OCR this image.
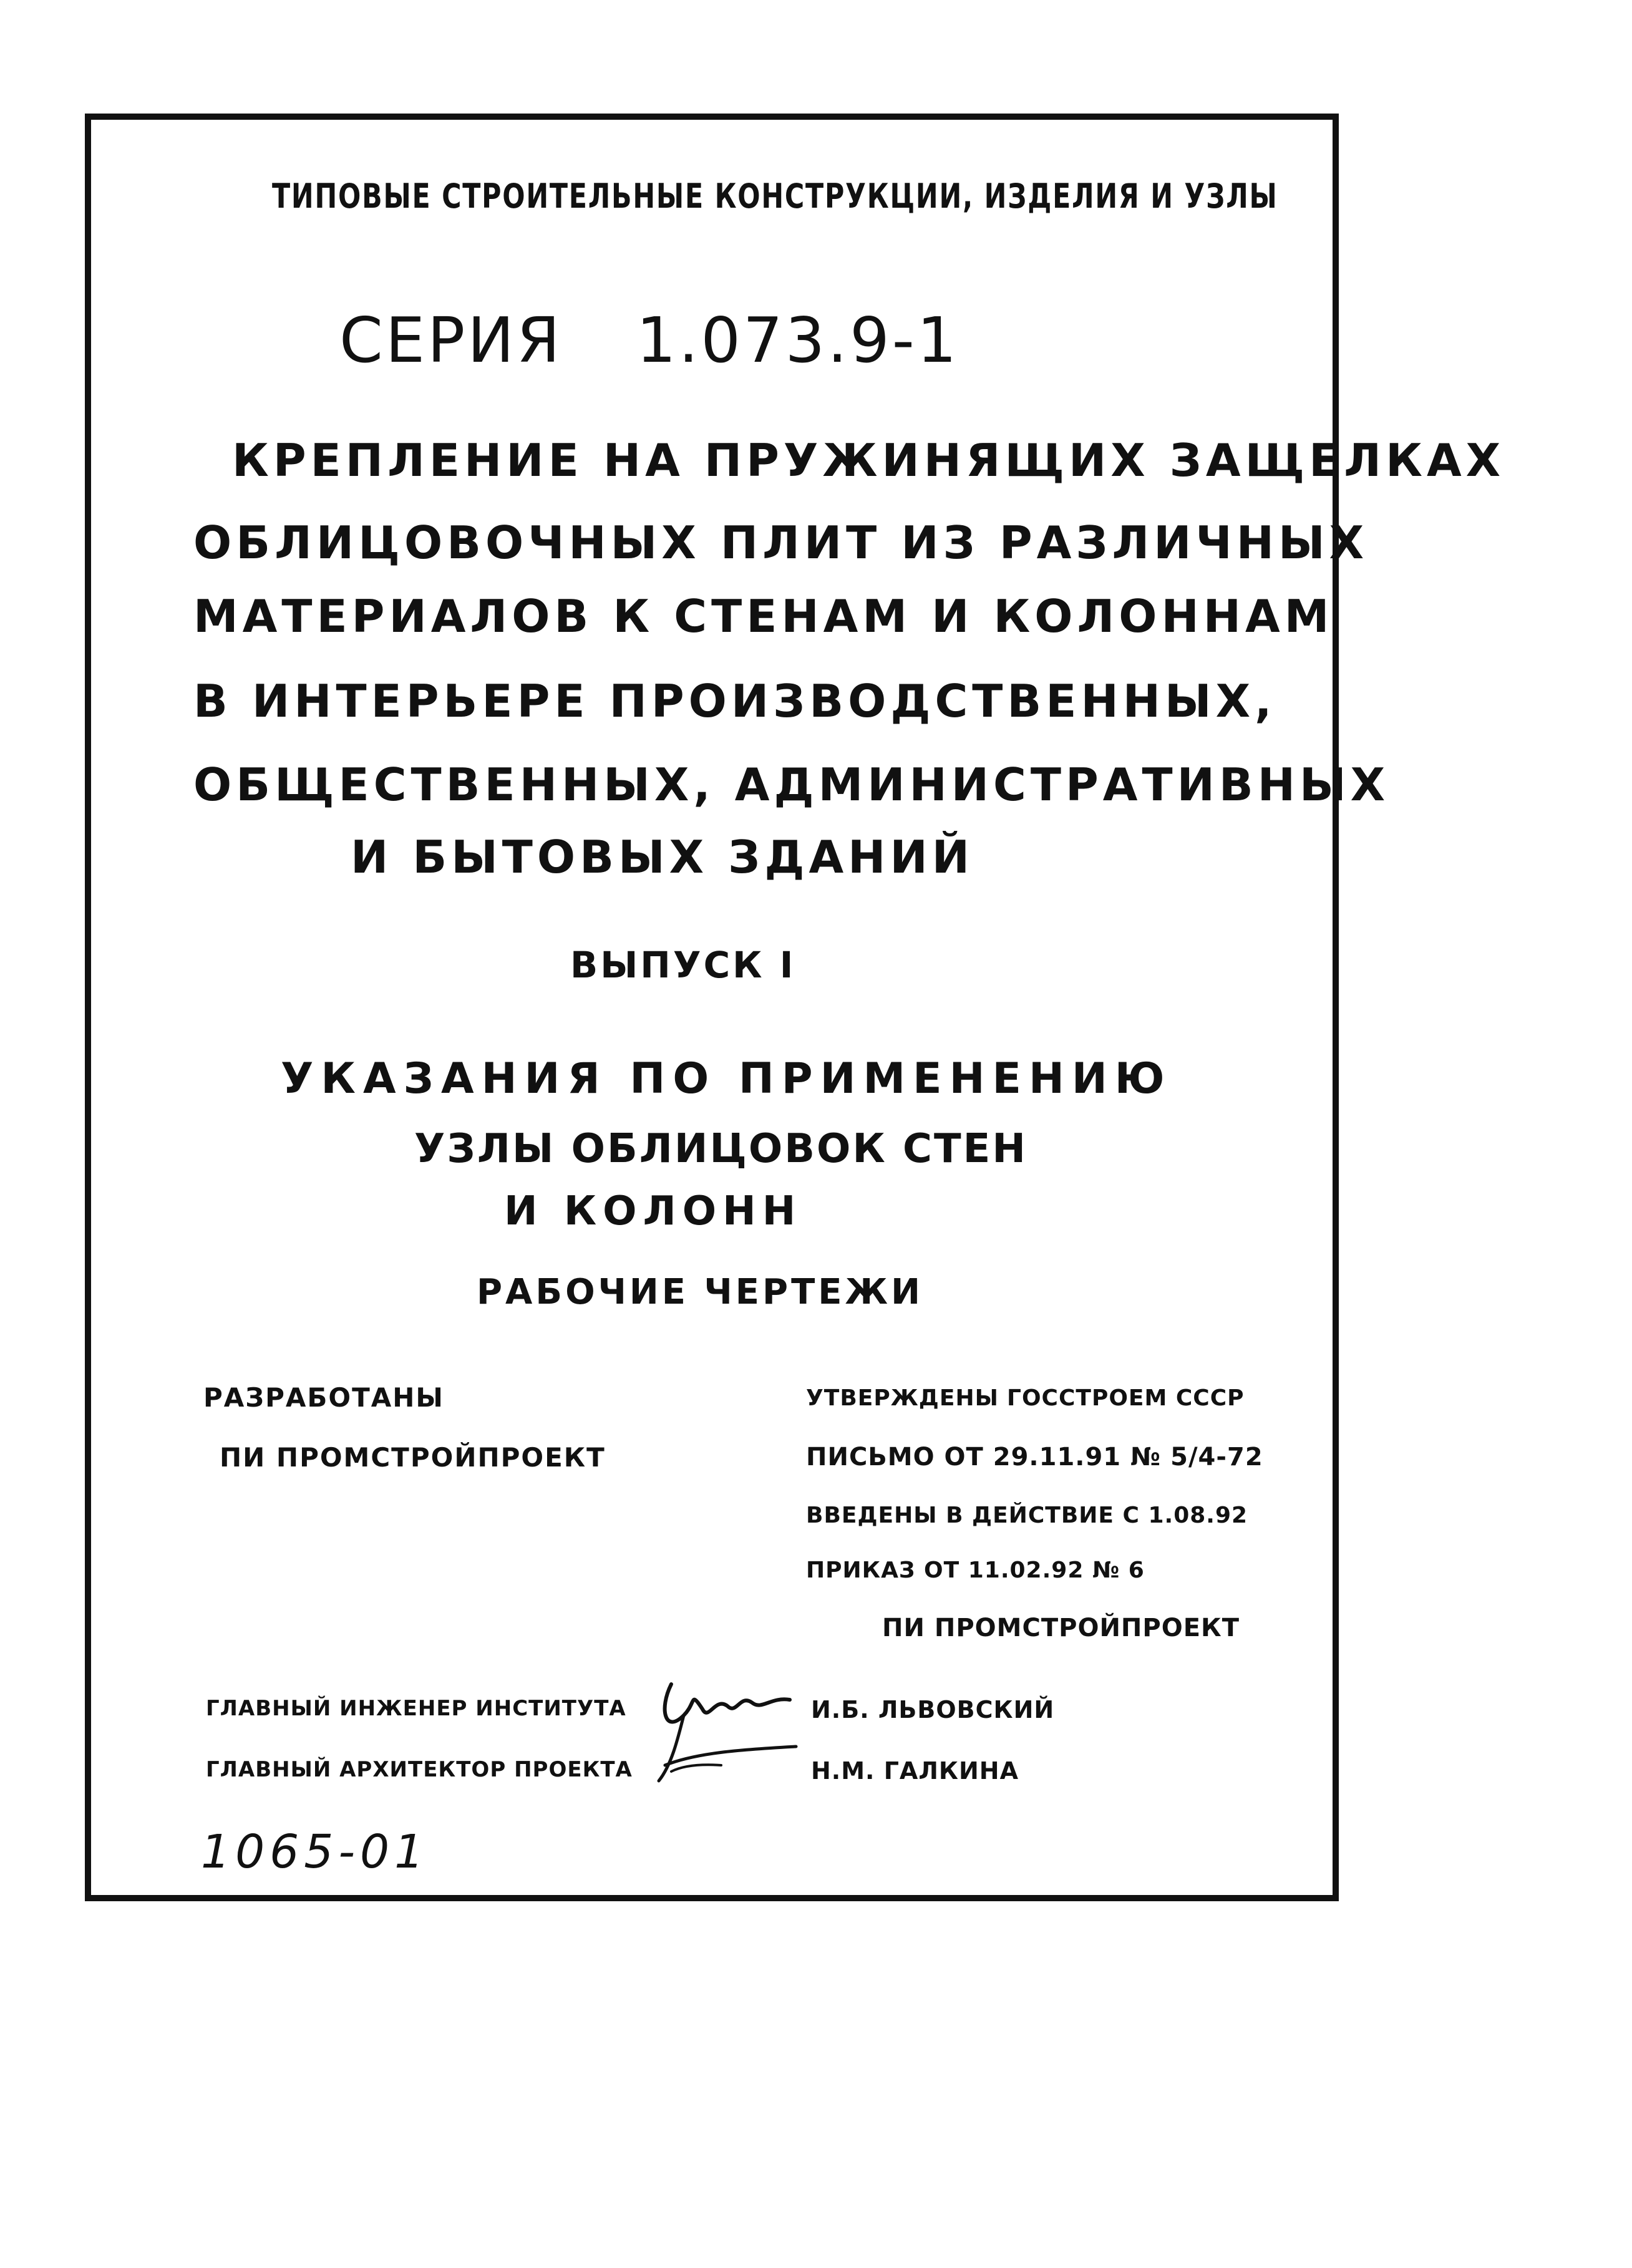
ТИПОВЫЕ СТРОИТЕЛЬНЫЕ КОНСТРУКЦИИ, ИЗДЕЛИЯ И УЗЛЫ
СЕРИЯ 1.073.9-1
КРЕПЛЕНИЕ НА ПРУЖИНЯЩИХ ЗАЩЕЛКАХ
ОБЛИЦОВОЧНЫХ ПЛИТ ИЗ РАЗЛИЧНЫХ
МАТЕРИАЛОВ К СТЕНАМ И КОЛОННАМ
В ИНТЕРЬЕРЕ ПРОИЗВОДСТВЕННЫХ,
ОБЩЕСТВЕННЫХ, АДМИНИСТРАТИВНЫХ
И БЫТОВЫХ ЗДАНИЙ
ВЫПУСК I
УКАЗАНИЯ ПО ПРИМЕНЕНИЮ
УЗЛЫ ОБЛИЦОВОК СТЕН
И КОЛОНН
РАБОЧИЕ ЧЕРТЕЖИ
РАЗРАБОТАНЫ
ПИ ПРОМСТРОЙПРОЕКТ
УТВЕРЖДЕНЫ ГОССТРОЕМ СССР
ПИСЬМО ОТ 29.11.91 № 5/4-72
ВВЕДЕНЫ В ДЕЙСТВИЕ С 1.08.92
ПРИКАЗ ОТ 11.02.92 № 6
ПИ ПРОМСТРОЙПРОЕКТ
ГЛАВНЫЙ ИНЖЕНЕР ИНСТИТУТА	И.Б. ЛЬВОВСКИЙ
ГЛАВНЫЙ АРХИТЕКТОР ПРОЕКТА	Н.М. ГАЛКИНА
1065-01
